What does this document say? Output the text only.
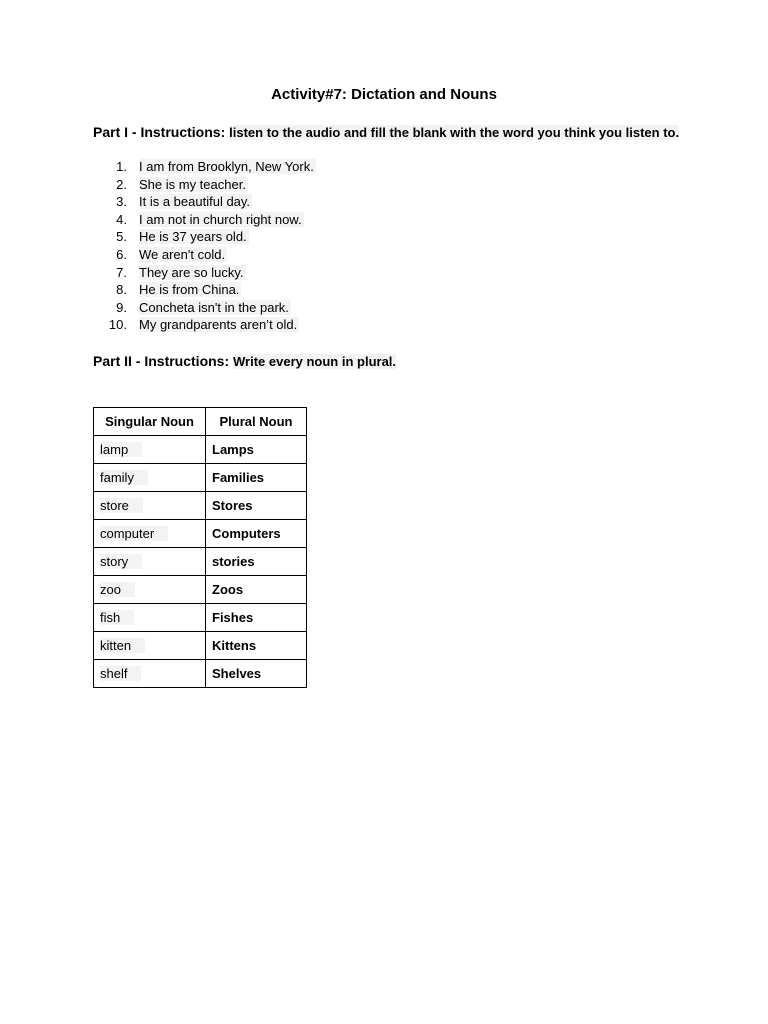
Activity#7: Dictation and Nouns
Part I - Instructions: listen to the audio and fill the blank with the word you think you listen to.
1. I am from Brooklyn, New York.
2. She is my teacher.
3. It is a beautiful day.
4. I am not in church right now.
5. He is 37 years old.
6. We aren't cold.
7. They are so lucky.
8. He is from China.
9. Concheta isn't in the park.
10. My grandparents aren’t old.
Part II - Instructions: Write every noun in plural.
Singular Noun	Plural Noun
lamp	Lamps
family	Families
store	Stores
computer	Computers
story	stories
zoo	Zoos
fish	Fishes
kitten	Kittens
shelf	Shelves
